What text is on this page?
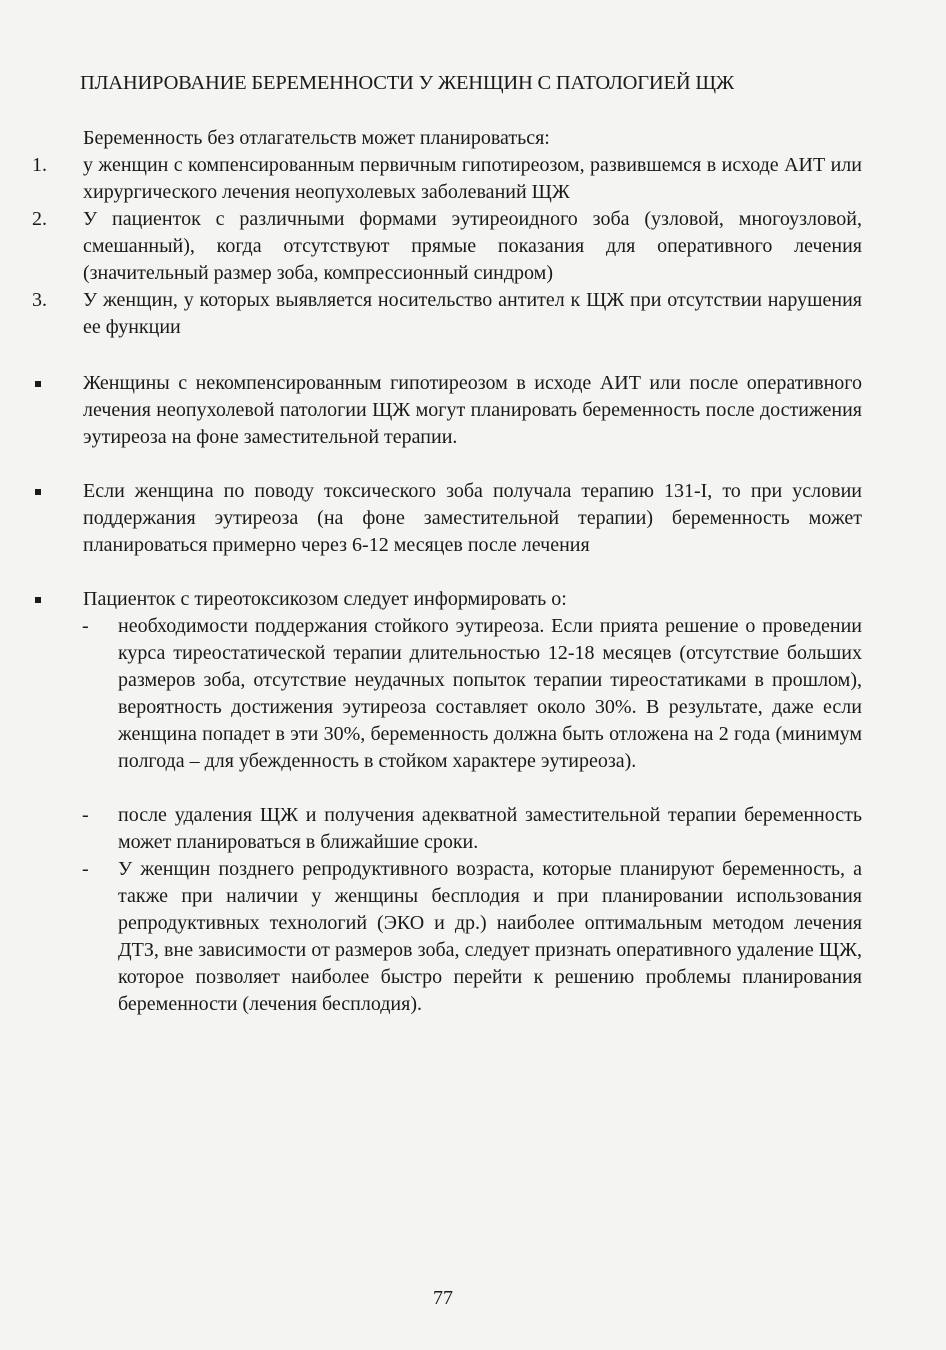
ПЛАНИРОВАНИЕ БЕРЕМЕННОСТИ У ЖЕНЩИН С ПАТОЛОГИЕЙ ЩЖ
Беременность без отлагательств может планироваться:
1.	у женщин с компенсированным первичным гипотиреозом, развившемся в исходе АИТ или хирургического лечения неопухолевых заболеваний ЩЖ
2.	У пациенток с различными формами эутиреоидного зоба (узловой, многоузловой, смешанный), когда отсутствуют прямые показания для оперативного лечения (значительный размер зоба, компрессионный синдром)
3.	У женщин, у которых выявляется носительство антител к ЩЖ при отсутствии нарушения ее функции
Женщины с некомпенсированным гипотиреозом в исходе АИТ или после оперативного лечения неопухолевой патологии ЩЖ могут планировать беременность после достижения эутиреоза на фоне заместительной терапии.
Если женщина по поводу токсического зоба получала терапию 131-I, то при условии поддержания эутиреоза (на фоне заместительной терапии) беременность может планироваться примерно через 6-12 месяцев после лечения
Пациенток с тиреотоксикозом следует информировать о:
- необходимости поддержания стойкого эутиреоза. Если прията решение о проведении курса тиреостатической терапии длительностью 12-18 месяцев (отсутствие больших размеров зоба, отсутствие неудачных попыток терапии тиреостатиками в прошлом), вероятность достижения эутиреоза составляет около 30%. В результате, даже если женщина попадет в эти 30%, беременность должна быть отложена на 2 года (минимум полгода – для убежденность в стойком характере эутиреоза).
- после удаления ЩЖ и получения адекватной заместительной терапии беременность может планироваться в ближайшие сроки.
- У женщин позднего репродуктивного возраста, которые планируют беременность, а также при наличии у женщины бесплодия и при планировании использования репродуктивных технологий (ЭКО и др.) наиболее оптимальным методом лечения ДТЗ, вне зависимости от размеров зоба, следует признать оперативного удаление ЩЖ, которое позволяет наиболее быстро перейти к решению проблемы планирования беременности (лечения бесплодия).
77
